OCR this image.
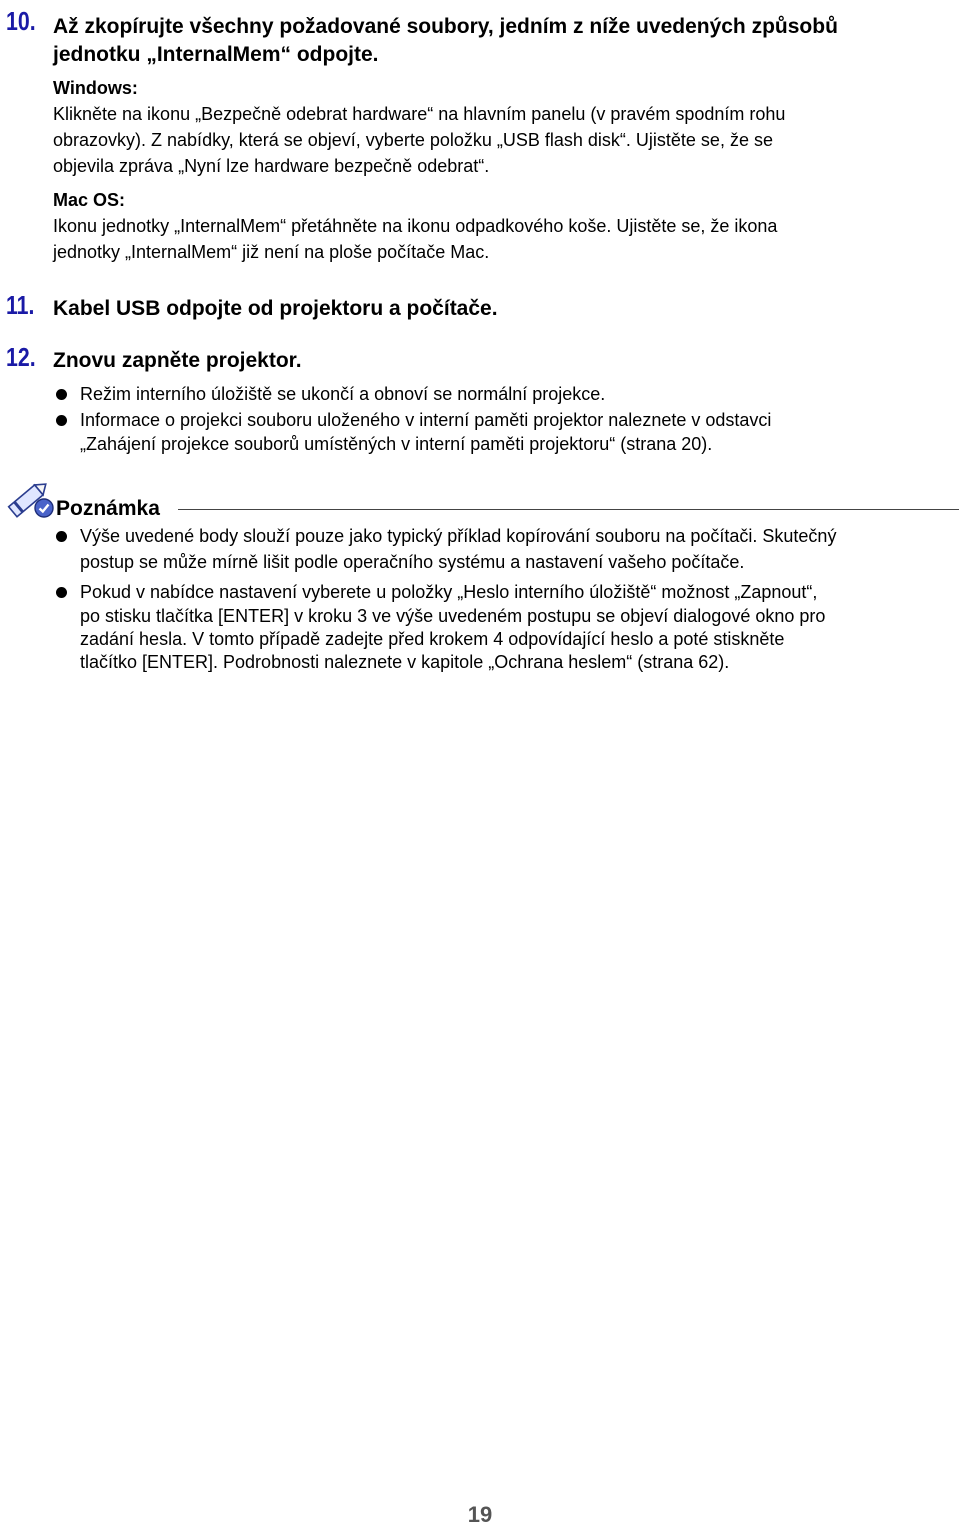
10. Až zkopírujte všechny požadované soubory, jedním z níže uvedených způsobů
jednotku „InternalMem“ odpojte.
Windows:
Klikněte na ikonu „Bezpečně odebrat hardware“ na hlavním panelu (v pravém spodním rohu
obrazovky). Z nabídky, která se objeví, vyberte položku „USB flash disk“. Ujistěte se, že se
objevila zpráva „Nyní lze hardware bezpečně odebrat“.
Mac OS:
Ikonu jednotky „InternalMem“ přetáhněte na ikonu odpadkového koše. Ujistěte se, že ikona
jednotky „InternalMem“ již není na ploše počítače Mac.
11. Kabel USB odpojte od projektoru a počítače.
12. Znovu zapněte projektor.
Režim interního úložiště se ukončí a obnoví se normální projekce.
Informace o projekci souboru uloženého v interní paměti projektor naleznete v odstavci
„Zahájení projekce souborů umístěných v interní paměti projektoru“ (strana 20).
Poznámka
Výše uvedené body slouží pouze jako typický příklad kopírování souboru na počítači. Skutečný
postup se může mírně lišit podle operačního systému a nastavení vašeho počítače.
Pokud v nabídce nastavení vyberete u položky „Heslo interního úložiště“ možnost „Zapnout“,
po stisku tlačítka [ENTER] v kroku 3 ve výše uvedeném postupu se objeví dialogové okno pro
zadání hesla. V tomto případě zadejte před krokem 4 odpovídající heslo a poté stiskněte
tlačítko [ENTER]. Podrobnosti naleznete v kapitole „Ochrana heslem“ (strana 62).
19
